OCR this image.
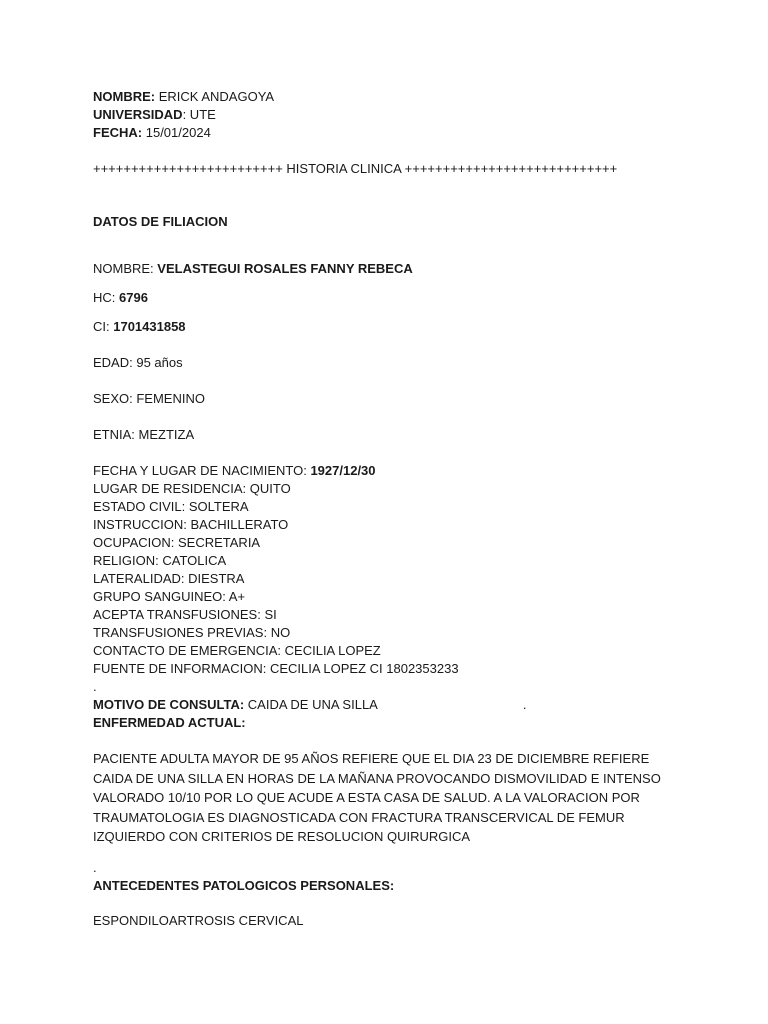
NOMBRE: ERICK ANDAGOYA

UNIVERSIDAD: UTE

FECHA: 15/01/2024

+++++++++++++++++++++++++ HISTORIA CLINICA ++++++++++++++++++++++++++++

DATOS DE FILIACION

NOMBRE: VELASTEGUI ROSALES FANNY REBECA

HC: 6796

CI: 1701431858

EDAD: 95 años

SEXO: FEMENINO

ETNIA: MEZTIZA

FECHA Y LUGAR DE NACIMIENTO: 1927/12/30

LUGAR DE RESIDENCIA: QUITO

ESTADO CIVIL: SOLTERA

INSTRUCCION: BACHILLERATO

OCUPACION: SECRETARIA

RELIGION: CATOLICA

LATERALIDAD: DIESTRA

GRUPO SANGUINEO: A+

ACEPTA TRANSFUSIONES: SI

TRANSFUSIONES PREVIAS: NO

CONTACTO DE EMERGENCIA: CECILIA LOPEZ

FUENTE DE INFORMACION: CECILIA LOPEZ CI 1802353233

.

MOTIVO DE CONSULTA: CAIDA DE UNA SILLA	.

ENFERMEDAD ACTUAL:

PACIENTE ADULTA MAYOR DE 95 AÑOS REFIERE QUE EL DIA 23 DE DICIEMBRE REFIERE CAIDA DE UNA SILLA EN HORAS DE LA MAÑANA PROVOCANDO DISMOVILIDAD E INTENSO VALORADO 10/10 POR LO QUE ACUDE A ESTA CASA DE SALUD. A LA VALORACION POR TRAUMATOLOGIA ES DIAGNOSTICADA CON FRACTURA TRANSCERVICAL DE FEMUR IZQUIERDO CON CRITERIOS DE RESOLUCION QUIRURGICA

.

ANTECEDENTES PATOLOGICOS PERSONALES:

ESPONDILOARTROSIS CERVICAL
